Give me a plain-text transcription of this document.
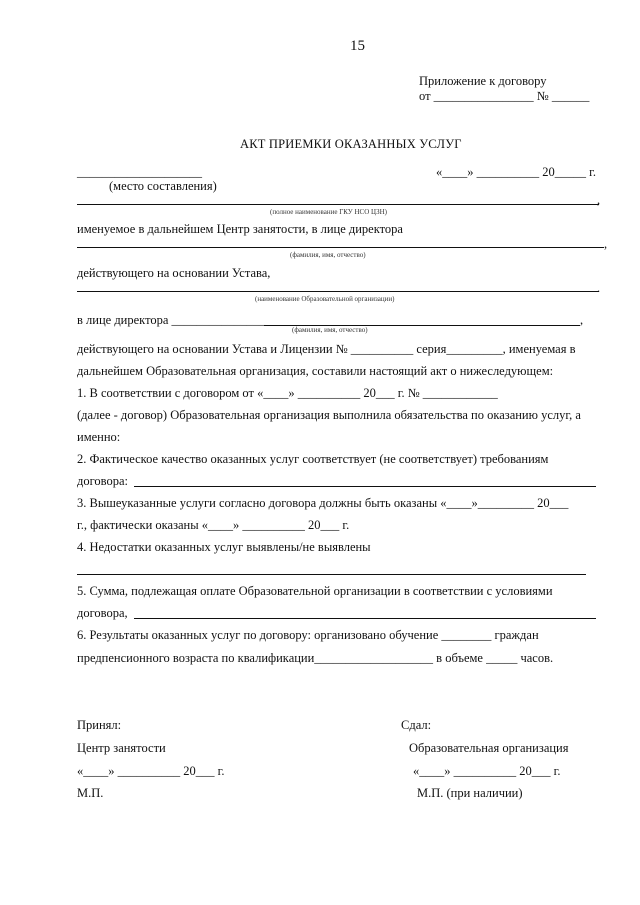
15
Приложение к договору
от ________________ № ______
АКТ ПРИЕМКИ ОКАЗАННЫХ УСЛУГ
____________________
(место составления)
«____» __________ 20_____ г.
,
(полное наименование ГКУ НСО ЦЗН)
именуемое в дальнейшем Центр занятости, в лице директора
,
(фамилия, имя, отчество)
действующего на основании Устава,
.
(наименование Образовательной организации)
в лице директора _______________	,
(фамилия, имя, отчество)
действующего на основании Устава и Лицензии № __________ серия_________, именуемая в
дальнейшем Образовательная организация, составили настоящий акт о нижеследующем:
1. В соответствии с договором от «____» __________ 20___ г. № ____________
(далее - договор) Образовательная организация выполнила обязательства по оказанию услуг, а
именно:
2. Фактическое качество оказанных услуг соответствует (не соответствует) требованиям
договора:
3. Вышеуказанные услуги согласно договора должны быть оказаны «____»_________ 20___
г., фактически оказаны «____» __________ 20___ г.
4. Недостатки оказанных услуг выявлены/не выявлены
5. Сумма, подлежащая оплате Образовательной организации в соответствии с условиями
договора,
6. Результаты оказанных услуг по договору: организовано обучение ________ граждан
предпенсионного возраста по квалификации___________________ в объеме _____ часов.
Принял:
Центр занятости
«____» __________ 20___ г.
М.П.
Сдал:
Образовательная организация
«____» __________ 20___ г.
М.П. (при наличии)
